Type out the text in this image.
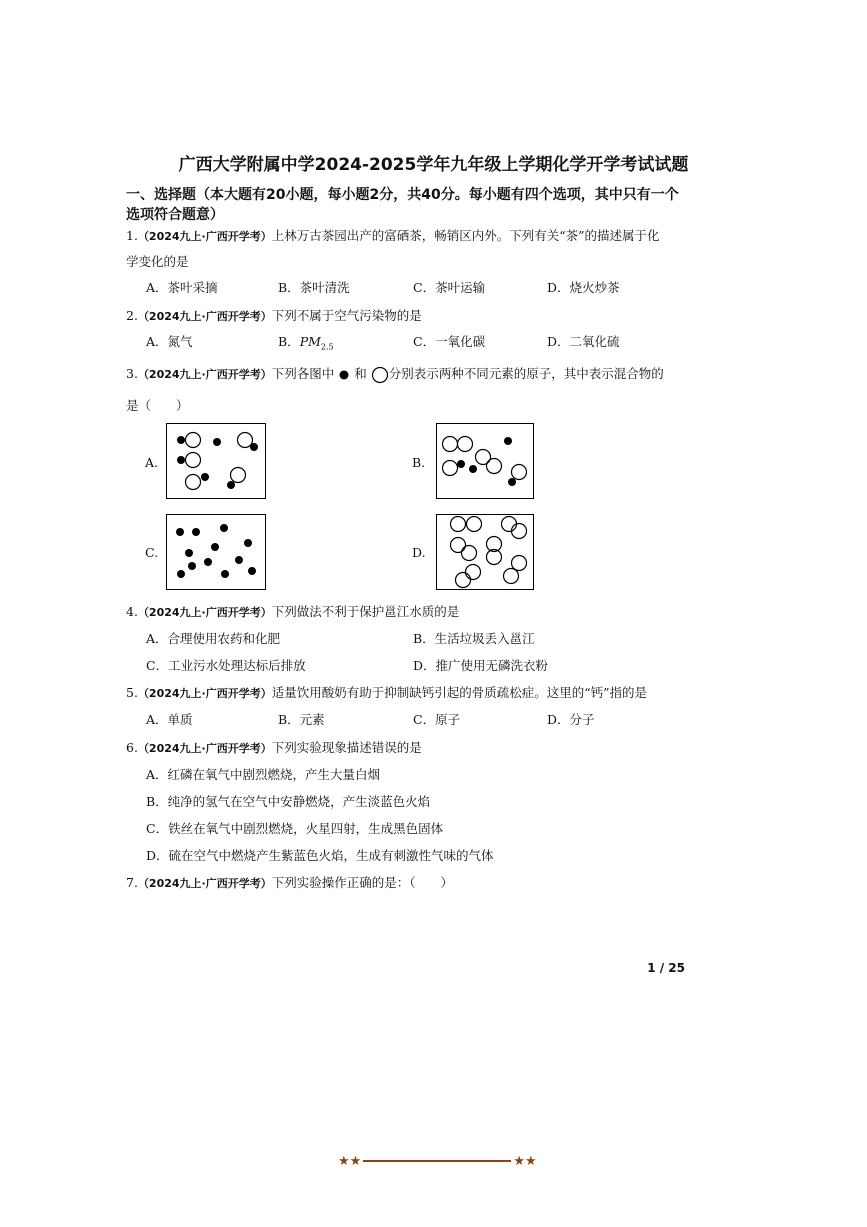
广西大学附属中学2024-2025学年九年级上学期化学开学考试试题
一、选择题（本大题有20小题，每小题2分，共40分。每小题有四个选项，其中只有一个
选项符合题意）
1.（2024九上·广西开学考）上林万古茶园出产的富硒茶，畅销区内外。下列有关“茶”的描述属于化
学变化的是
A．茶叶采摘	B．茶叶清洗	C．茶叶运输	D．烧火炒茶
2.（2024九上·广西开学考）下列不属于空气污染物的是
A．氮气	B．$PM_{2.5}$	C．一氧化碳	D．二氧化硫
3.（2024九上·广西开学考）下列各图中 和 分别表示两种不同元素的原子，其中表示混合物的
是（　　）
A.	B.
C.	D.
4.（2024九上·广西开学考）下列做法不利于保护邕江水质的是
A．合理使用农药和化肥	B．生活垃圾丢入邕江
C．工业污水处理达标后排放	D．推广使用无磷洗衣粉
5.（2024九上·广西开学考）适量饮用酸奶有助于抑制缺钙引起的骨质疏松症。这里的“钙”指的是
A．单质	B．元素	C．原子	D．分子
6.（2024九上·广西开学考）下列实验现象描述错误的是
A．红磷在氧气中剧烈燃烧，产生大量白烟
B．纯净的氢气在空气中安静燃烧，产生淡蓝色火焰
C．铁丝在氧气中剧烈燃烧，火星四射，生成黑色固体
D．硫在空气中燃烧产生紫蓝色火焰，生成有刺激性气味的气体
7.（2024九上·广西开学考）下列实验操作正确的是：（　　）
1 / 25
★★	★★
